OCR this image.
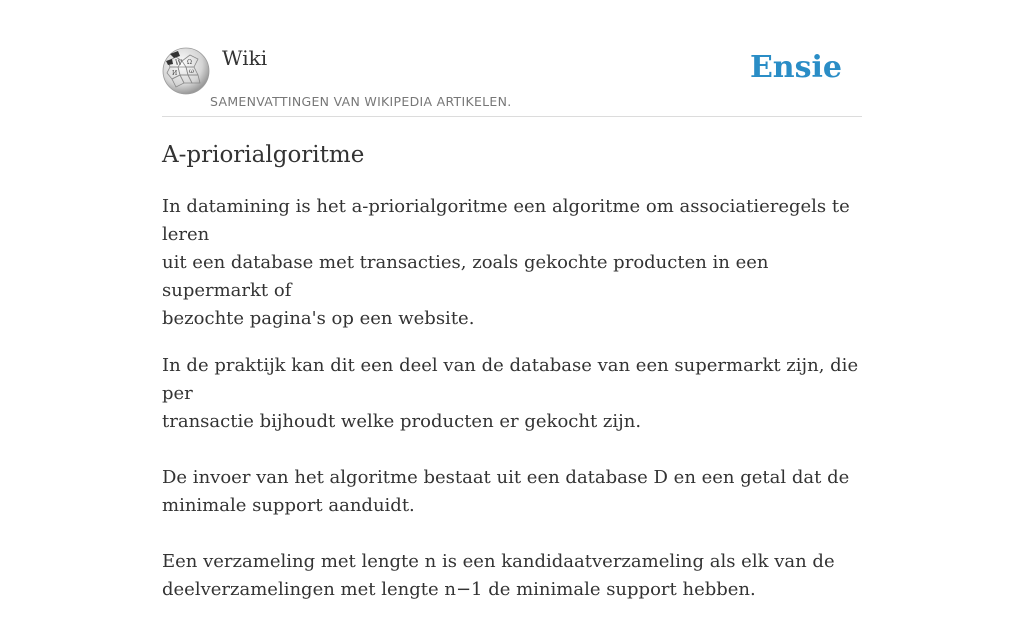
W Ω
И ω
Wiki
SAMENVATTINGEN VAN WIKIPEDIA ARTIKELEN.
Ensie
A-priorialgoritme

In datamining is het a-priorialgoritme een algoritme om associatieregels te leren
uit een database met transacties, zoals gekochte producten in een supermarkt of
bezochte pagina's op een website.

In de praktijk kan dit een deel van de database van een supermarkt zijn, die per
transactie bijhoudt welke producten er gekocht zijn.
De invoer van het algoritme bestaat uit een database D en een getal dat de
minimale support aanduidt.
Een verzameling met lengte n is een kandidaatverzameling als elk van de
deelverzamelingen met lengte n−1 de minimale support hebben.
